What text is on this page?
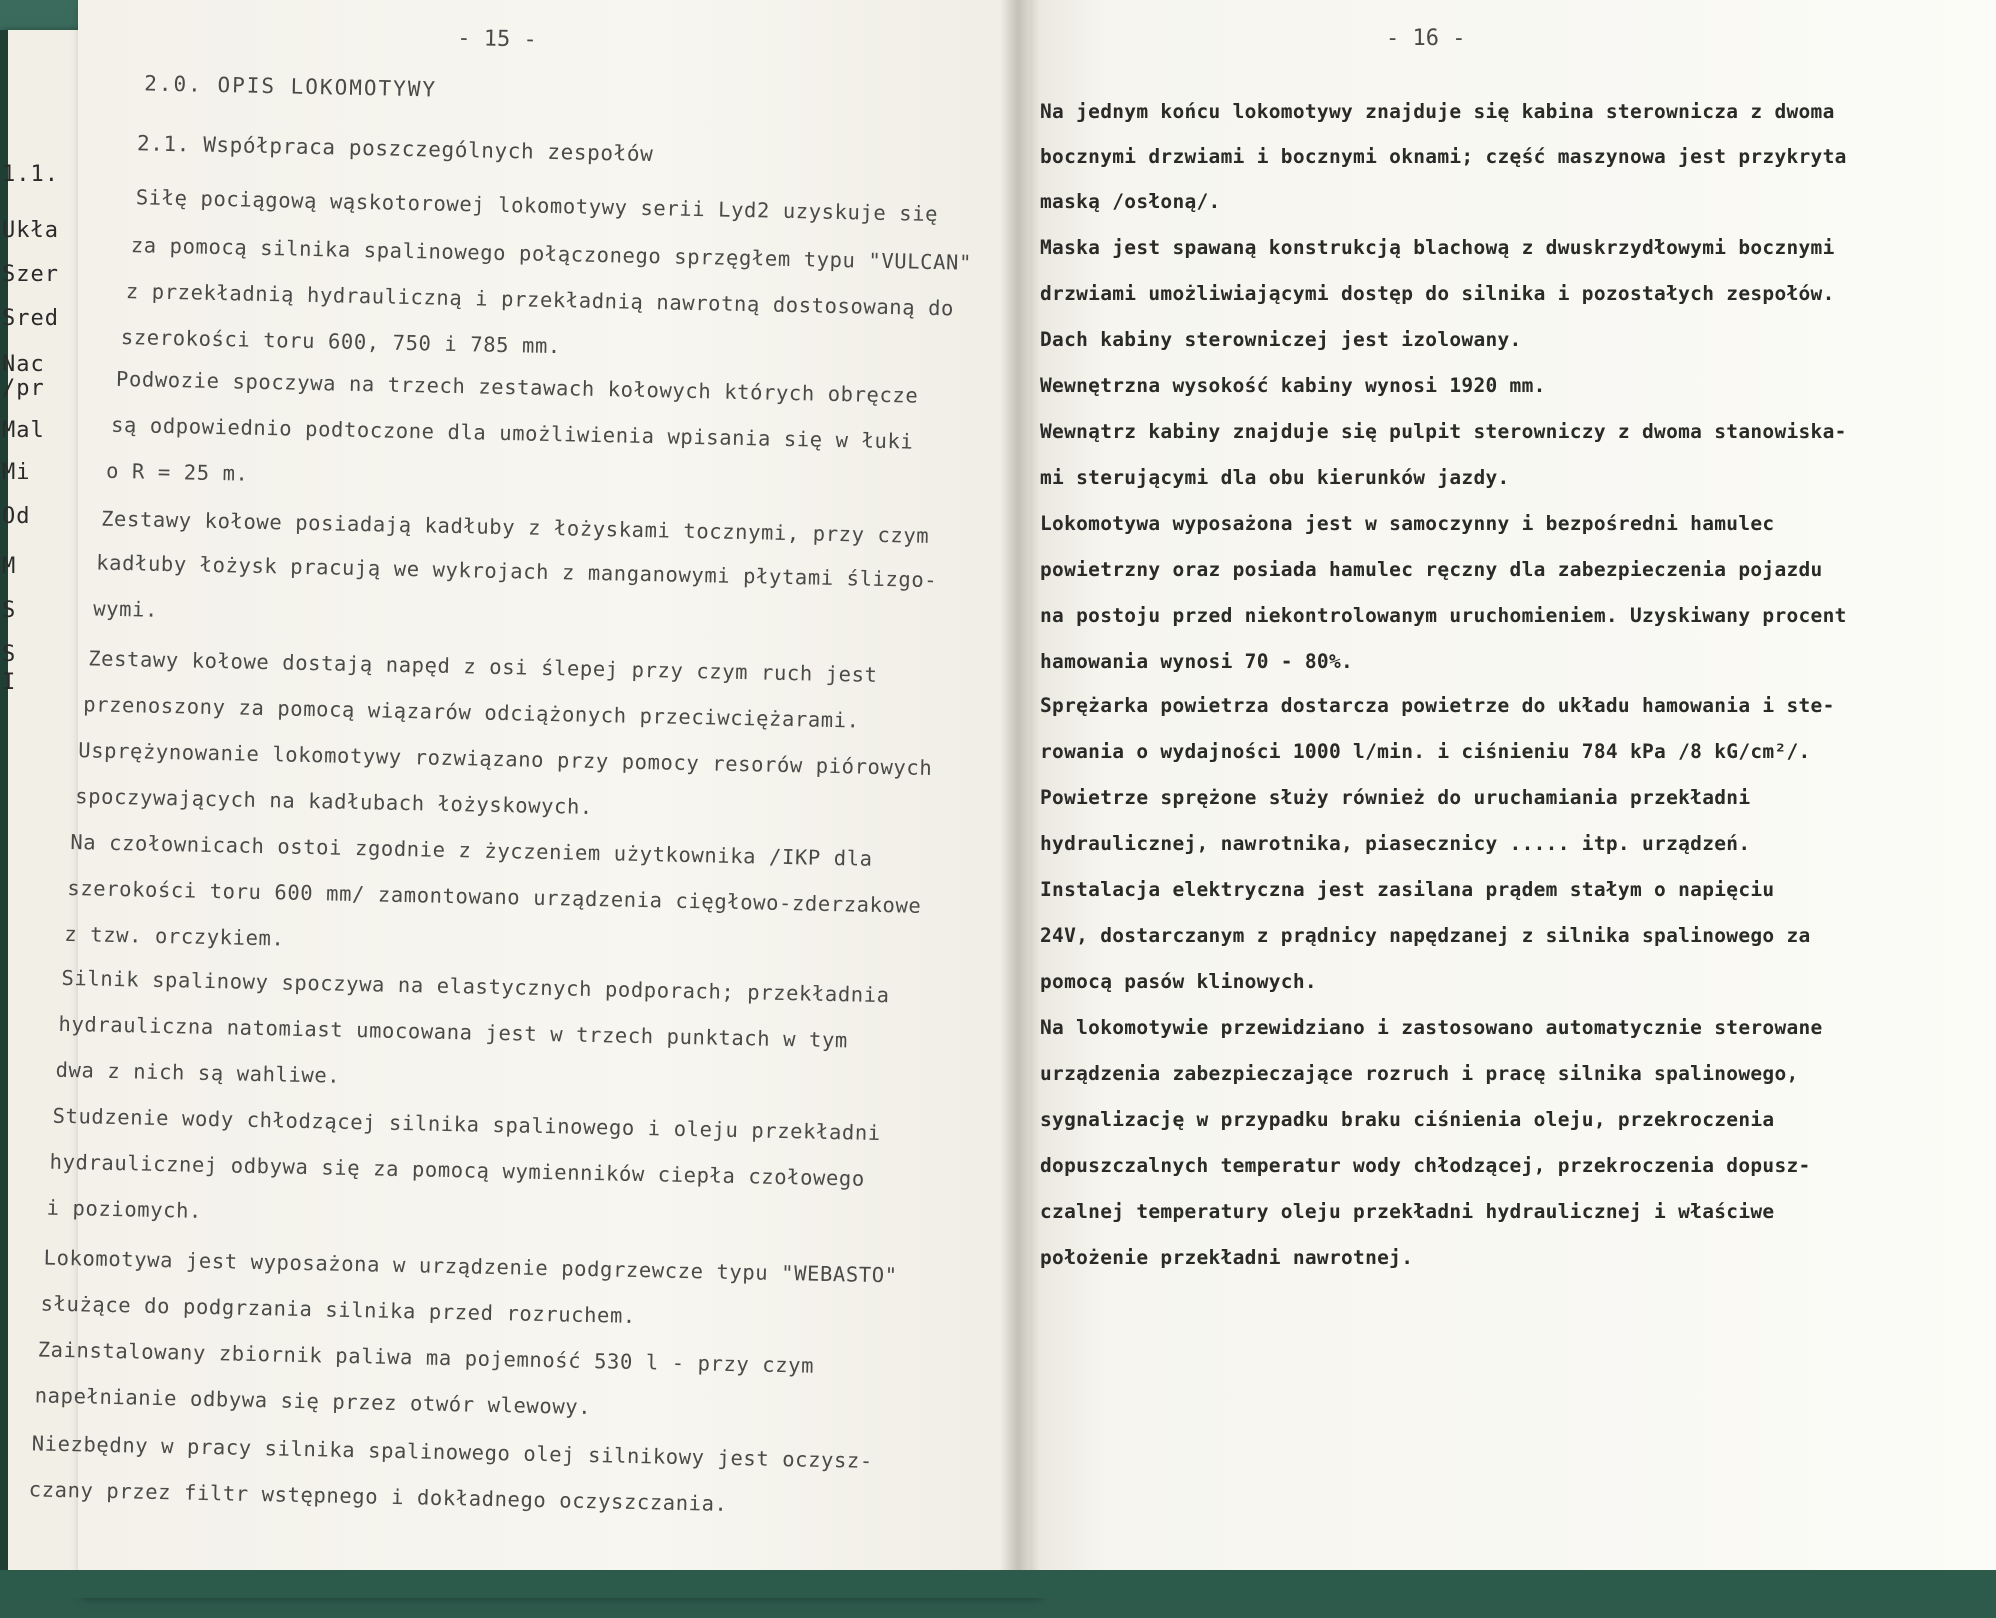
1.1.
Ukła
Szer
Sred
Nac
/pr
Mal
Mi
Od
M
S
S
I
- 15 -
2.0. OPIS LOKOMOTYWY
2.1. Współpraca poszczególnych zespołów
Siłę pociągową wąskotorowej lokomotywy serii Lyd2 uzyskuje się
za pomocą silnika spalinowego połączonego sprzęgłem typu "VULCAN"
z przekładnią hydrauliczną i przekładnią nawrotną dostosowaną do
szerokości toru 600, 750 i 785 mm.
Podwozie spoczywa na trzech zestawach kołowych których obręcze
są odpowiednio podtoczone dla umożliwienia wpisania się w łuki
o R = 25 m.
Zestawy kołowe posiadają kadłuby z łożyskami tocznymi, przy czym
kadłuby łożysk pracują we wykrojach z manganowymi płytami ślizgo-
wymi.
Zestawy kołowe dostają napęd z osi ślepej przy czym ruch jest
przenoszony za pomocą wiązarów odciążonych przeciwciężarami.
Usprężynowanie lokomotywy rozwiązano przy pomocy resorów piórowych
spoczywających na kadłubach łożyskowych.
Na czołownicach ostoi zgodnie z życzeniem użytkownika /IKP dla
szerokości toru 600 mm/ zamontowano urządzenia cięgłowo-zderzakowe
z tzw. orczykiem.
Silnik spalinowy spoczywa na elastycznych podporach; przekładnia
hydrauliczna natomiast umocowana jest w trzech punktach w tym
dwa z nich są wahliwe.
Studzenie wody chłodzącej silnika spalinowego i oleju przekładni
hydraulicznej odbywa się za pomocą wymienników ciepła czołowego
i poziomych.
Lokomotywa jest wyposażona w urządzenie podgrzewcze typu "WEBASTO"
służące do podgrzania silnika przed rozruchem.
Zainstalowany zbiornik paliwa ma pojemność 530 l - przy czym
napełnianie odbywa się przez otwór wlewowy.
Niezbędny w pracy silnika spalinowego olej silnikowy jest oczysz-
czany przez filtr wstępnego i dokładnego oczyszczania.
- 16 -
Na jednym końcu lokomotywy znajduje się kabina sterownicza z dwoma
bocznymi drzwiami i bocznymi oknami; część maszynowa jest przykryta
maską /osłoną/.
Maska jest spawaną konstrukcją blachową z dwuskrzydłowymi bocznymi
drzwiami umożliwiającymi dostęp do silnika i pozostałych zespołów.
Dach kabiny sterowniczej jest izolowany.
Wewnętrzna wysokość kabiny wynosi 1920 mm.
Wewnątrz kabiny znajduje się pulpit sterowniczy z dwoma stanowiska-
mi sterującymi dla obu kierunków jazdy.
Lokomotywa wyposażona jest w samoczynny i bezpośredni hamulec
powietrzny oraz posiada hamulec ręczny dla zabezpieczenia pojazdu
na postoju przed niekontrolowanym uruchomieniem. Uzyskiwany procent
hamowania wynosi 70 - 80%.
Sprężarka powietrza dostarcza powietrze do układu hamowania i ste-
rowania o wydajności 1000 l/min. i ciśnieniu 784 kPa /8 kG/cm²/.
Powietrze sprężone służy również do uruchamiania przekładni
hydraulicznej, nawrotnika, piasecznicy ..... itp. urządzeń.
Instalacja elektryczna jest zasilana prądem stałym o napięciu
24V, dostarczanym z prądnicy napędzanej z silnika spalinowego za
pomocą pasów klinowych.
Na lokomotywie przewidziano i zastosowano automatycznie sterowane
urządzenia zabezpieczające rozruch i pracę silnika spalinowego,
sygnalizację w przypadku braku ciśnienia oleju, przekroczenia
dopuszczalnych temperatur wody chłodzącej, przekroczenia dopusz-
czalnej temperatury oleju przekładni hydraulicznej i właściwe
położenie przekładni nawrotnej.
